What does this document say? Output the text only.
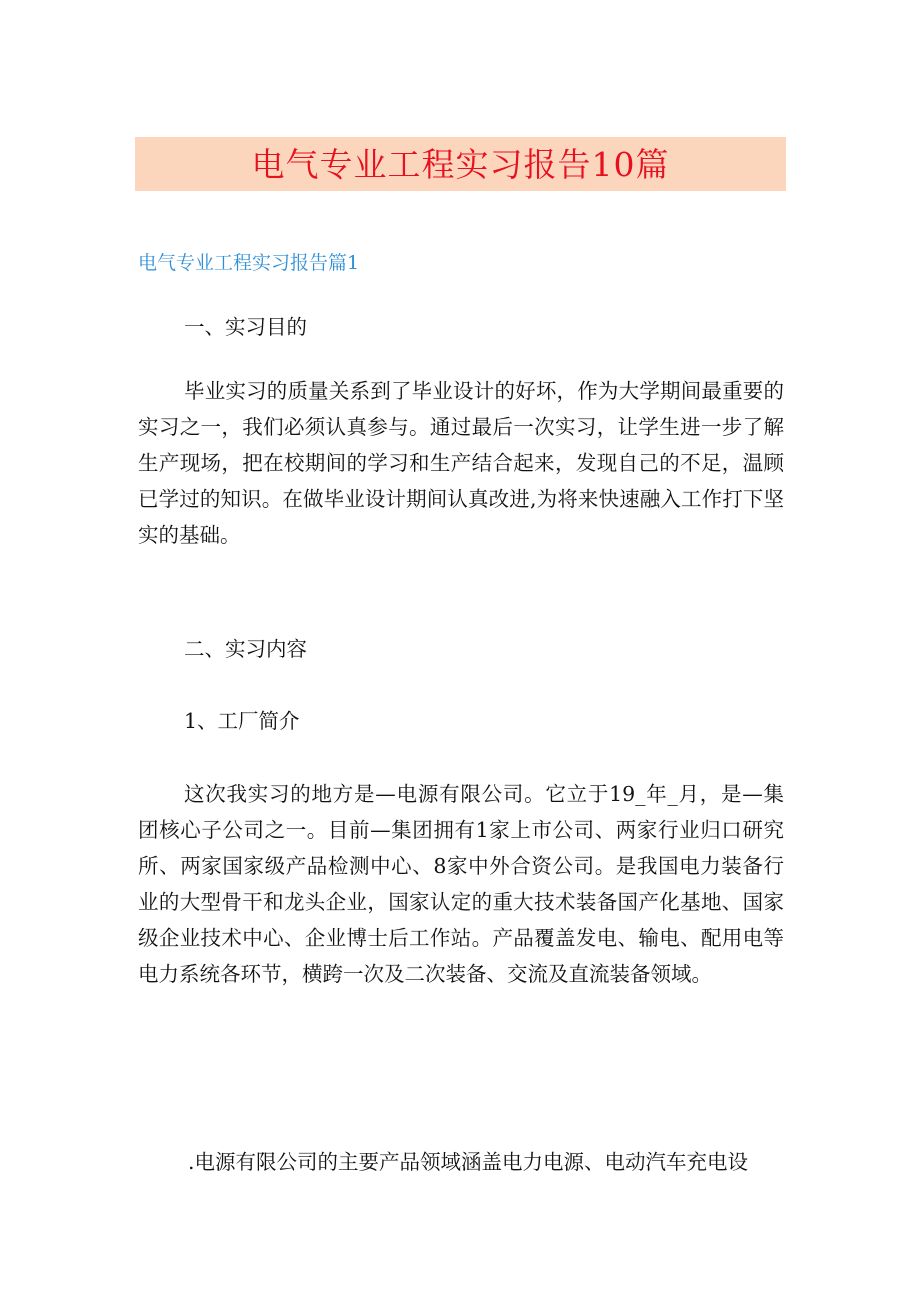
电气专业工程实习报告10篇
电气专业工程实习报告篇1
一、实习目的

毕业实习的质量关系到了毕业设计的好坏，作为大学期间最重要的实习之一，我们必须认真参与。通过最后一次实习，让学生进一步了解生产现场，把在校期间的学习和生产结合起来，发现自己的不足，温顾已学过的知识。在做毕业设计期间认真改进,为将来快速融入工作打下坚实的基础。

二、实习内容
1、工厂简介

这次我实习的地方是—电源有限公司。它立于19_年_月，是—集团核心子公司之一。目前—集团拥有1家上市公司、两家行业归口研究所、两家国家级产品检测中心、8家中外合资公司。是我国电力装备行业的大型骨干和龙头企业，国家认定的重大技术装备国产化基地、国家级企业技术中心、企业博士后工作站。产品覆盖发电、输电、配用电等电力系统各环节，横跨一次及二次装备、交流及直流装备领域。

.电源有限公司的主要产品领域涵盖电力电源、电动汽车充电设
